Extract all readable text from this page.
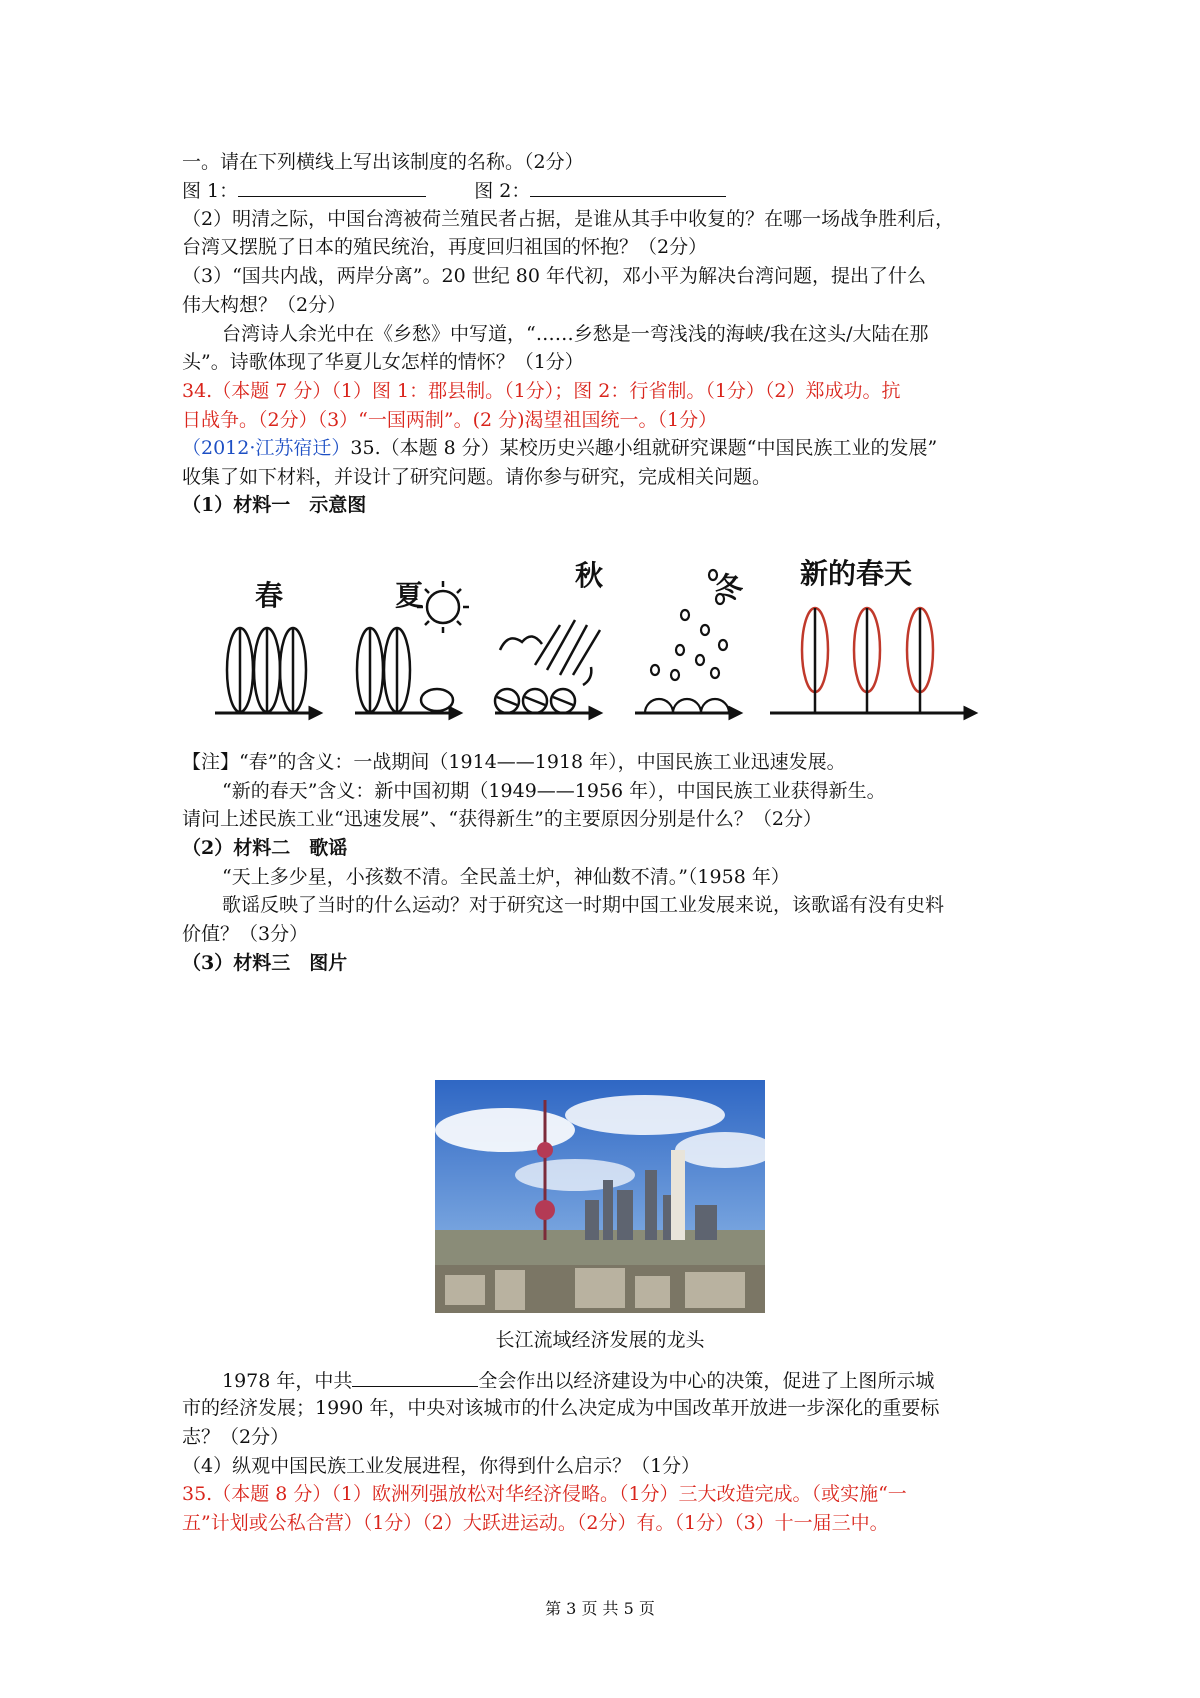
一。请在下列横线上写出该制度的名称。（2分）
图 1：	图 2：
（2）明清之际，中国台湾被荷兰殖民者占据，是谁从其手中收复的？在哪一场战争胜利后，
台湾又摆脱了日本的殖民统治，再度回归祖国的怀抱？（2分）
（3）“国共内战，两岸分离”。20 世纪 80 年代初，邓小平为解决台湾问题，提出了什么
伟大构想？（2分）
台湾诗人余光中在《乡愁》中写道，“……乡愁是一弯浅浅的海峡/我在这头/大陆在那
头”。诗歌体现了华夏儿女怎样的情怀？（1分）
34.（本题 7 分）（1）图 1：郡县制。（1分）；图 2：行省制。（1分）（2）郑成功。抗
日战争。（2分）（3）“一国两制”。(2 分)渴望祖国统一。（1分）
（2012·江苏宿迁）35.（本题 8 分）某校历史兴趣小组就研究课题“中国民族工业的发展”
收集了如下材料，并设计了研究问题。请你参与研究，完成相关问题。
（1）材料一　示意图
春	夏
秋	冬 新的春天
【注】“春”的含义：一战期间（1914——1918 年），中国民族工业迅速发展。
“新的春天”含义：新中国初期（1949——1956 年），中国民族工业获得新生。
请问上述民族工业“迅速发展”、“获得新生”的主要原因分别是什么？（2分）
（2）材料二　歌谣
“天上多少星，小孩数不清。全民盖土炉，神仙数不清。”（1958 年）
歌谣反映了当时的什么运动？对于研究这一时期中国工业发展来说，该歌谣有没有史料
价值？（3分）
（3）材料三　图片
长江流域经济发展的龙头
1978 年，中共	全会作出以经济建设为中心的决策，促进了上图所示城
市的经济发展；1990 年，中央对该城市的什么决定成为中国改革开放进一步深化的重要标
志？（2分）
（4）纵观中国民族工业发展进程，你得到什么启示？（1分）
35.（本题 8 分）（1）欧洲列强放松对华经济侵略。（1分）三大改造完成。（或实施“一
五”计划或公私合营）（1分）（2）大跃进运动。（2分）有。（1分）（3）十一届三中。
第 3 页 共 5 页
